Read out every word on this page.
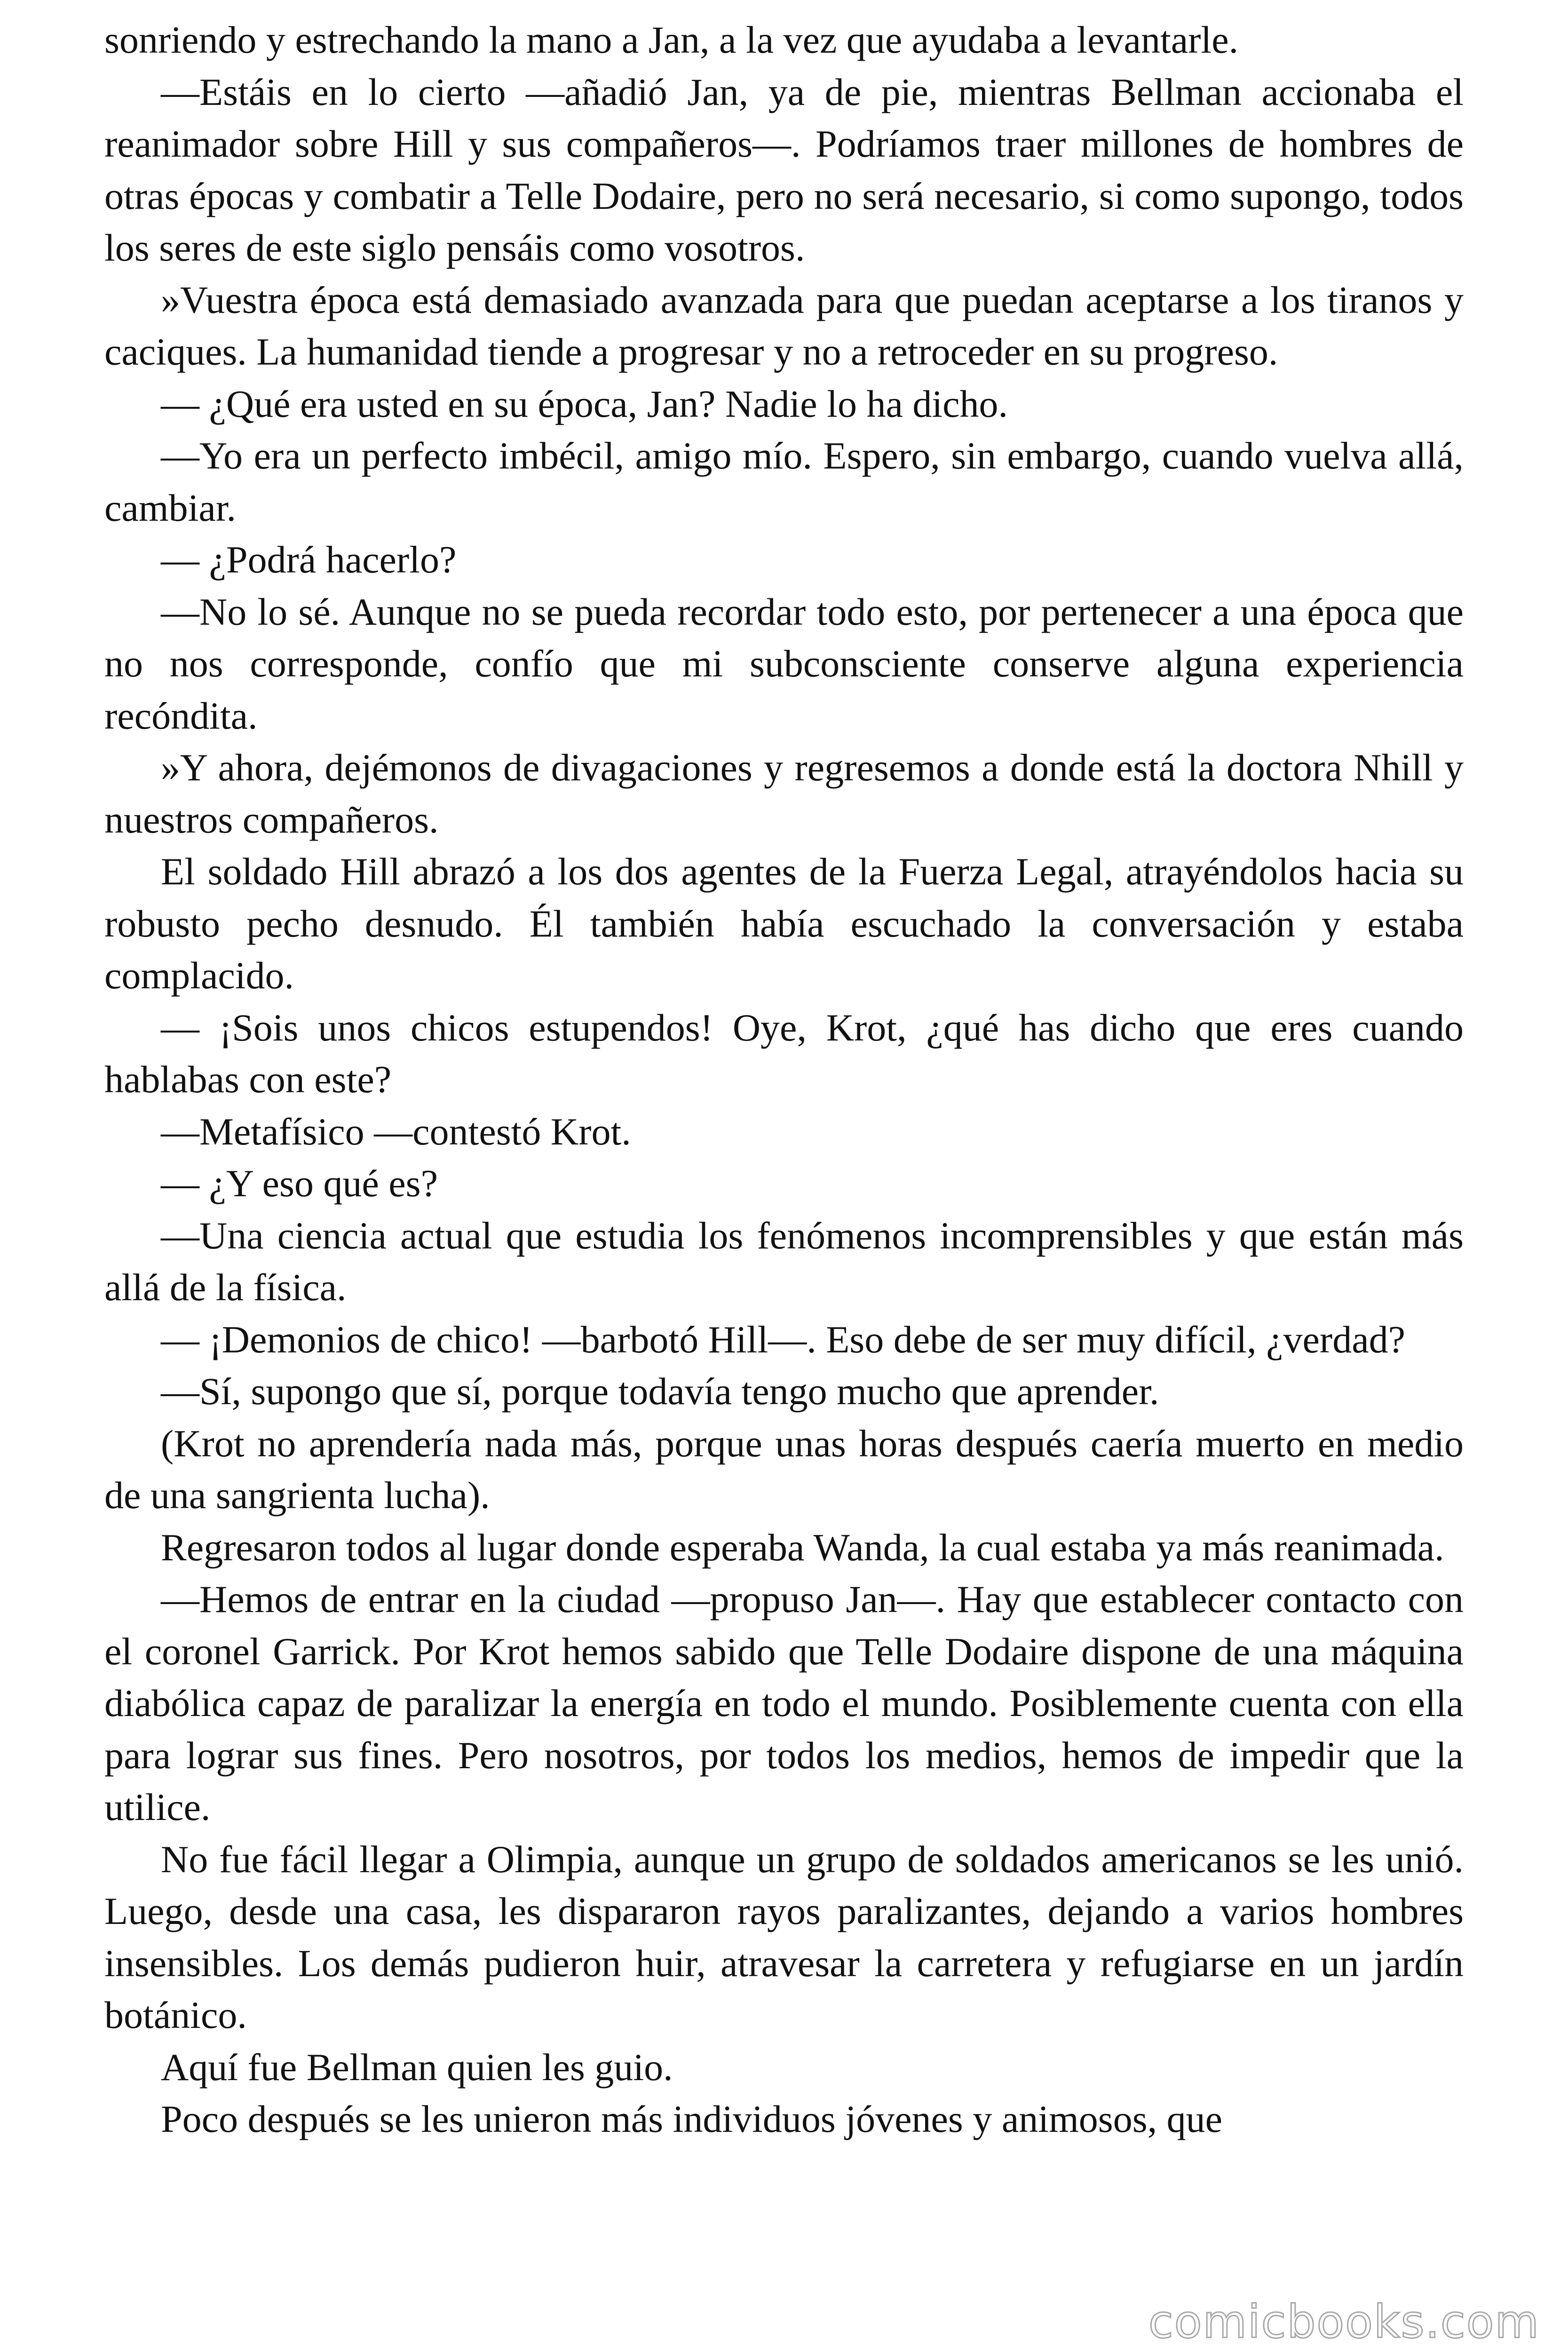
sonriendo y estrechando la mano a Jan, a la vez que ayudaba a levantarle.

—Estáis en lo cierto —añadió Jan, ya de pie, mientras Bellman accionaba el reanimador sobre Hill y sus compañeros—. Podríamos traer millones de hombres de otras épocas y combatir a Telle Dodaire, pero no será necesario, si como supongo, todos los seres de este siglo pensáis como vosotros.

»Vuestra época está demasiado avanzada para que puedan aceptarse a los tiranos y caciques. La humanidad tiende a progresar y no a retroceder en su progreso.

— ¿Qué era usted en su época, Jan? Nadie lo ha dicho.

—Yo era un perfecto imbécil, amigo mío. Espero, sin embargo, cuando vuelva allá, cambiar.

— ¿Podrá hacerlo?

—No lo sé. Aunque no se pueda recordar todo esto, por pertenecer a una época que no nos corresponde, confío que mi subconsciente conserve alguna experiencia recóndita.

»Y ahora, dejémonos de divagaciones y regresemos a donde está la doctora Nhill y nuestros compañeros.

El soldado Hill abrazó a los dos agentes de la Fuerza Legal, atrayéndolos hacia su robusto pecho desnudo. Él también había escuchado la conversación y estaba complacido.

— ¡Sois unos chicos estupendos! Oye, Krot, ¿qué has dicho que eres cuando hablabas con este?

—Metafísico —contestó Krot.

— ¿Y eso qué es?

—Una ciencia actual que estudia los fenómenos incomprensibles y que están más allá de la física.

— ¡Demonios de chico! —barbotó Hill—. Eso debe de ser muy difícil, ¿verdad?

—Sí, supongo que sí, porque todavía tengo mucho que aprender.

(Krot no aprendería nada más, porque unas horas después caería muerto en medio de una sangrienta lucha).

Regresaron todos al lugar donde esperaba Wanda, la cual estaba ya más reanimada.

—Hemos de entrar en la ciudad —propuso Jan—. Hay que establecer contacto con el coronel Garrick. Por Krot hemos sabido que Telle Dodaire dispone de una máquina diabólica capaz de paralizar la energía en todo el mundo. Posiblemente cuenta con ella para lograr sus fines. Pero nosotros, por todos los medios, hemos de impedir que la utilice.

No fue fácil llegar a Olimpia, aunque un grupo de soldados americanos se les unió. Luego, desde una casa, les dispararon rayos paralizantes, dejando a varios hombres insensibles. Los demás pudieron huir, atravesar la carretera y refugiarse en un jardín botánico.

Aquí fue Bellman quien les guio.

Poco después se les unieron más individuos jóvenes y animosos, que

comicbooks.com
